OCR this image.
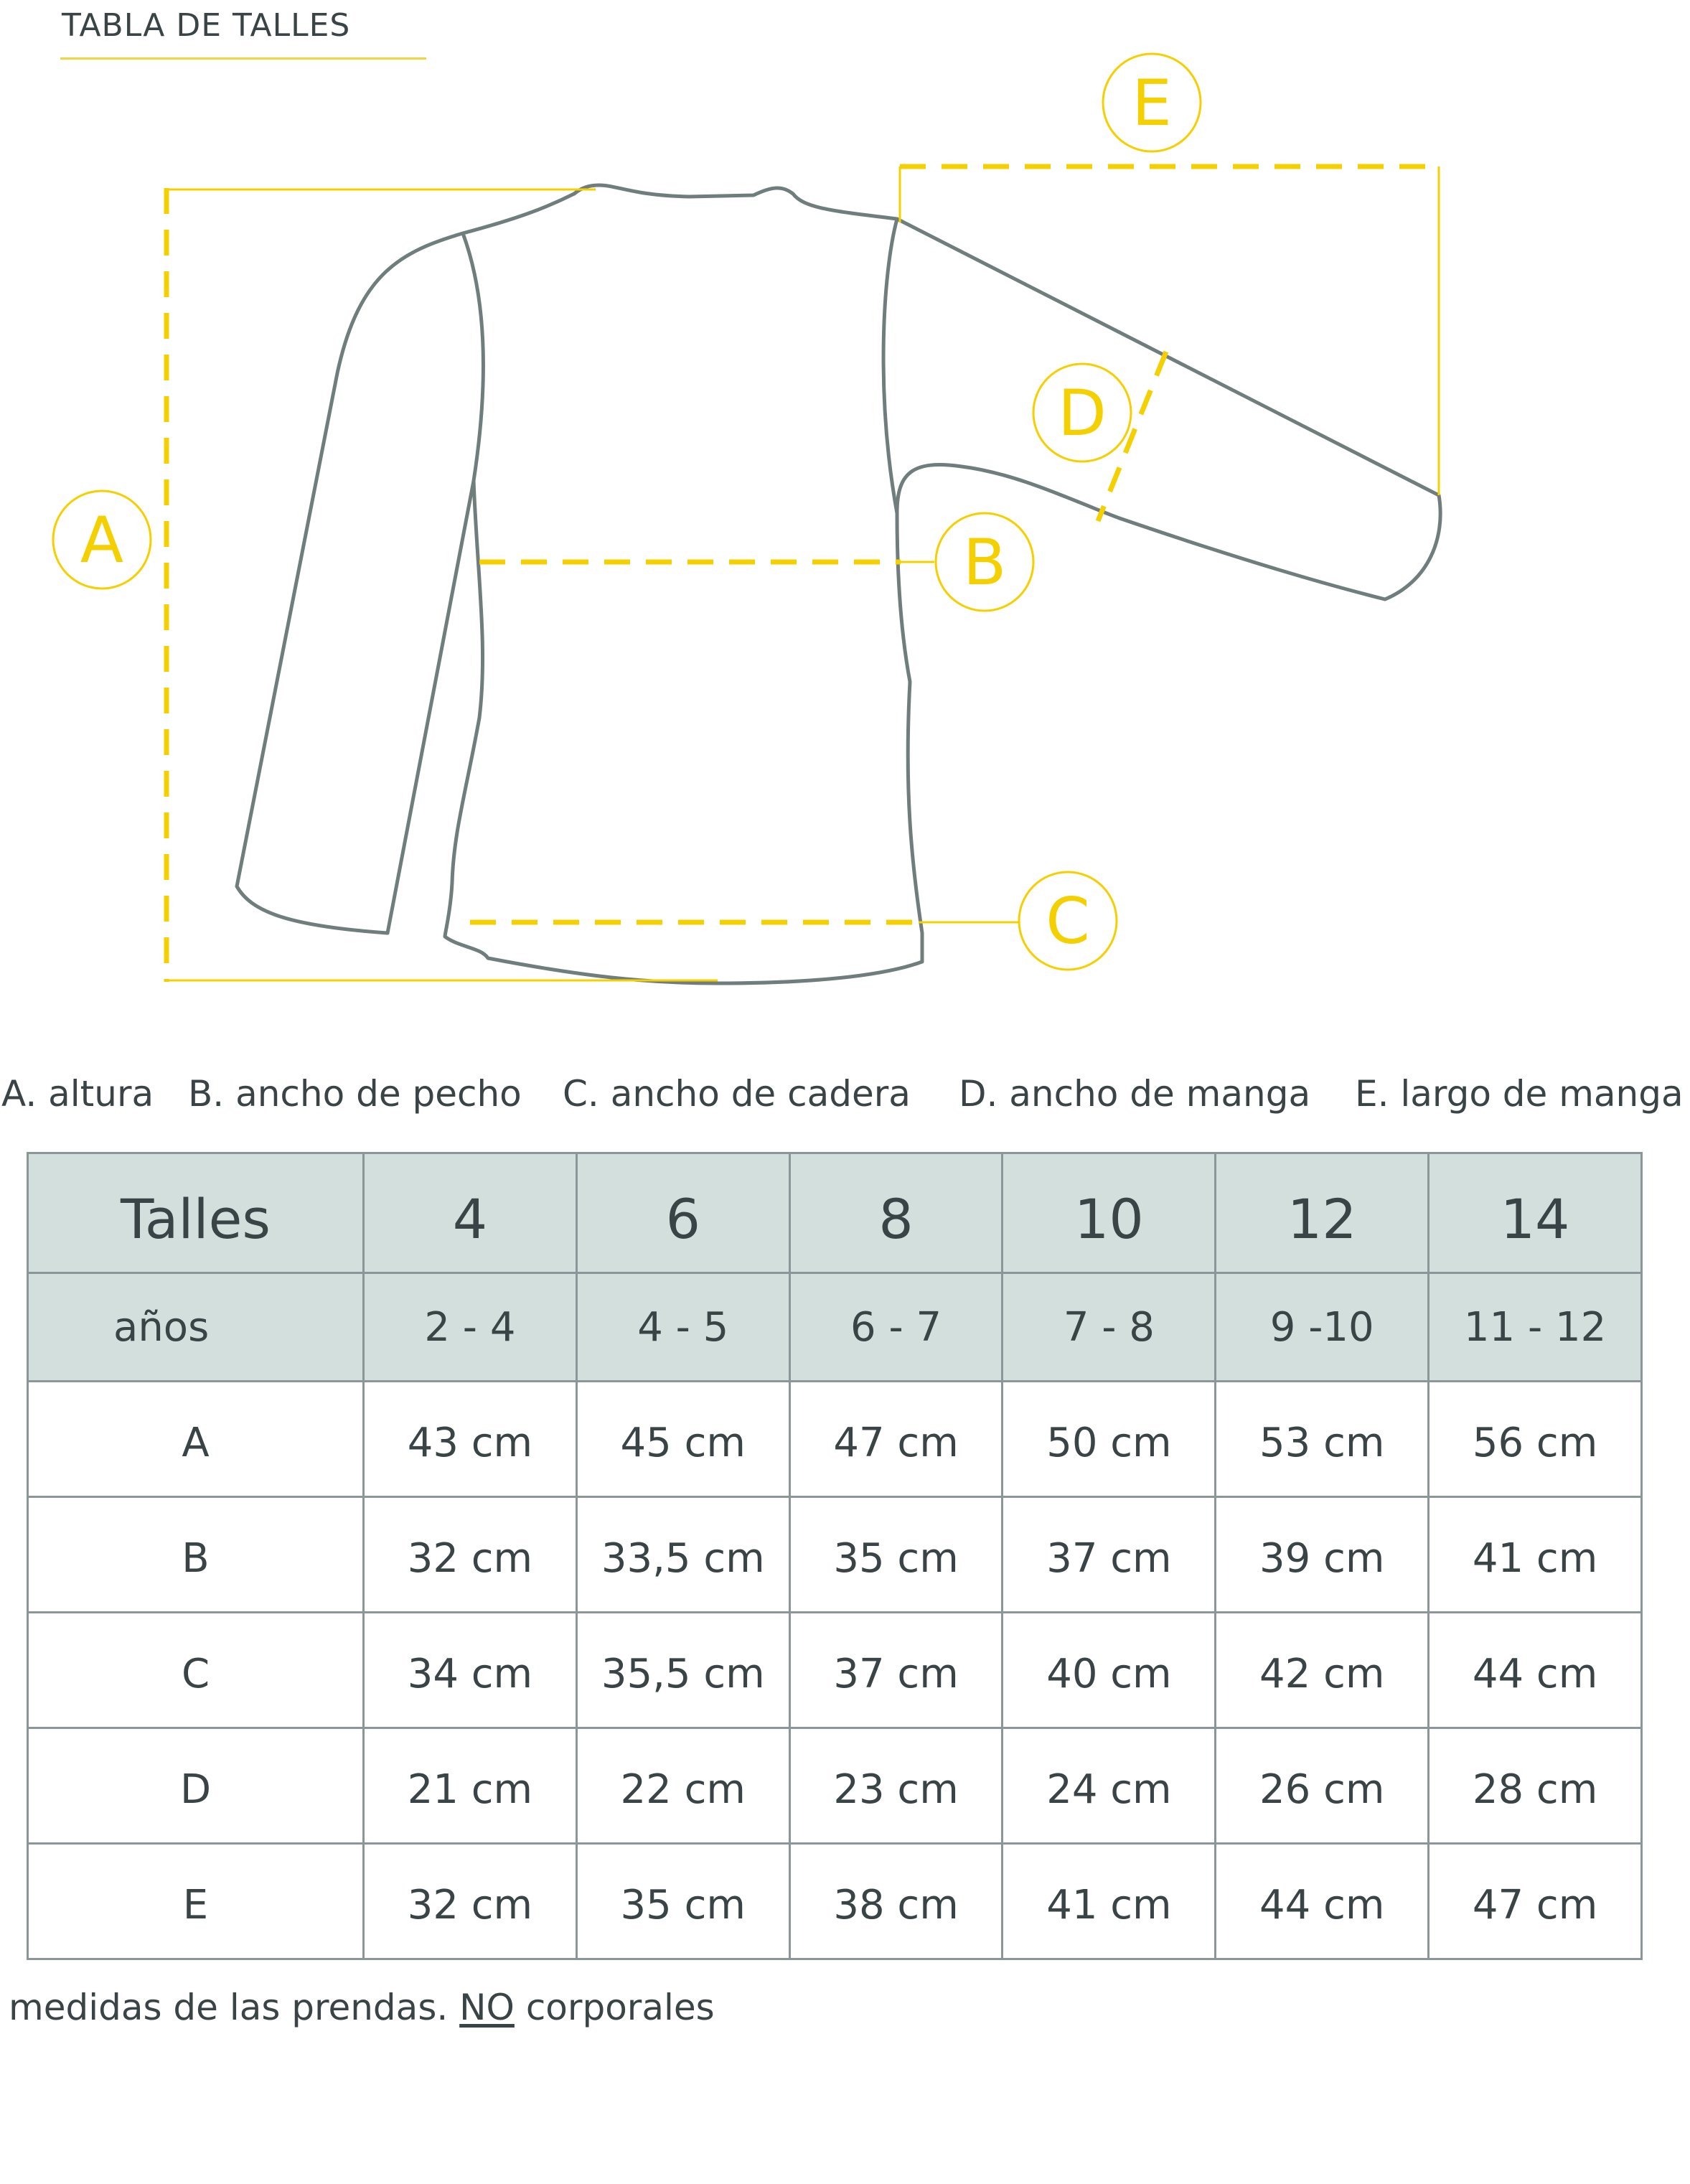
TABLA DE TALLES
A	B
C
D
E
A. altura B. ancho de pecho C. ancho de cadera D. ancho de manga E. largo de manga
Talles	4	6	8	10	12	14
años	2 - 4	4 - 5	6 - 7	7 - 8	9 -10	11 - 12
A	43 cm	45 cm	47 cm	50 cm	53 cm	56 cm
B	32 cm	33,5 cm	35 cm	37 cm	39 cm	41 cm
C	34 cm	35,5 cm	37 cm	40 cm	42 cm	44 cm
D	21 cm	22 cm	23 cm	24 cm	26 cm	28 cm
E	32 cm	35 cm	38 cm	41 cm	44 cm	47 cm
medidas de las prendas. NO corporales
